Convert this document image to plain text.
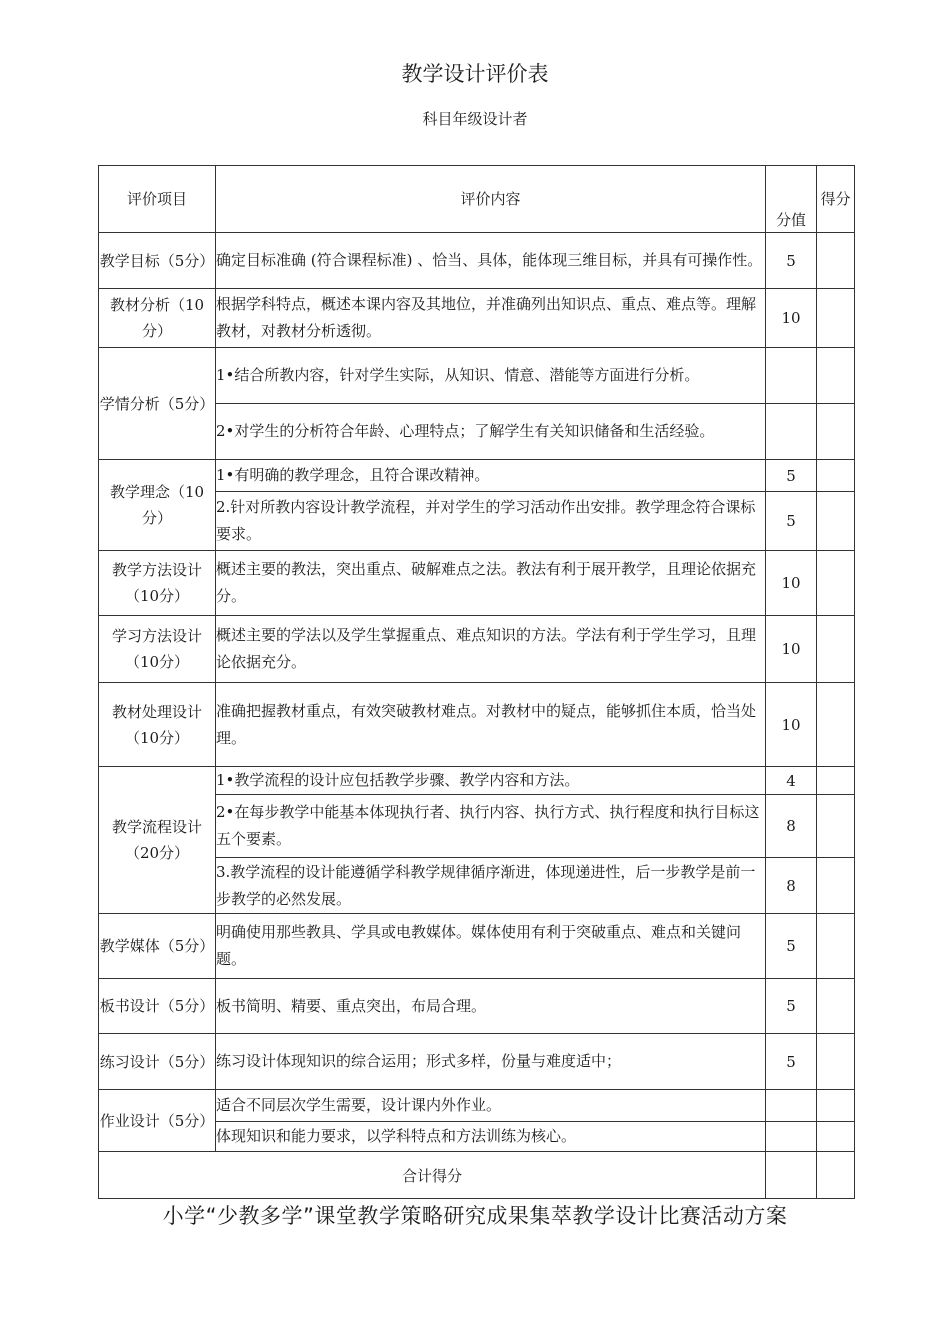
教学设计评价表
科目年级设计者
评价项目	评价内容	分值	得分
教学目标（5分）	确定目标准确 (符合课程标准) 、恰当、具体，能体现三维目标，并具有可操作性。	5	
教材分析（10分）	根据学科特点，概述本课内容及其地位，并准确列出知识点、重点、难点等。理解教材，对教材分析透彻。	10	
学情分析（5分）	1•结合所教内容，针对学生实际，从知识、情意、潜能等方面进行分析。		
	2•对学生的分析符合年龄、心理特点；了解学生有关知识储备和生活经验。		
教学理念（10分）	1•有明确的教学理念，且符合课改精神。	5	
	2.针对所教内容设计教学流程，并对学生的学习活动作出安排。教学理念符合课标要求。	5	
教学方法设计（10分）	概述主要的教法，突出重点、破解难点之法。教法有利于展开教学，且理论依据充分。	10	
学习方法设计（10分）	概述主要的学法以及学生掌握重点、难点知识的方法。学法有利于学生学习，且理论依据充分。	10	
教材处理设计（10分）	准确把握教材重点，有效突破教材难点。对教材中的疑点，能够抓住本质，恰当处理。	10	
教学流程设计（20分）	1•教学流程的设计应包括教学步骤、教学内容和方法。	4	
	2•在每步教学中能基本体现执行者、执行内容、执行方式、执行程度和执行目标这五个要素。	8	
	3.教学流程的设计能遵循学科教学规律循序渐进，体现递进性，后一步教学是前一步教学的必然发展。	8	
教学媒体（5分）	明确使用那些教具、学具或电教媒体。媒体使用有利于突破重点、难点和关键问题。	5	
板书设计（5分）	板书简明、精要、重点突出，布局合理。	5	
练习设计（5分）	练习设计体现知识的综合运用；形式多样，份量与难度适中；	5	
作业设计（5分）	适合不同层次学生需要，设计课内外作业。		
	体现知识和能力要求，以学科特点和方法训练为核心。		
合计得分			
小学“少教多学”课堂教学策略研究成果集萃教学设计比赛活动方案
